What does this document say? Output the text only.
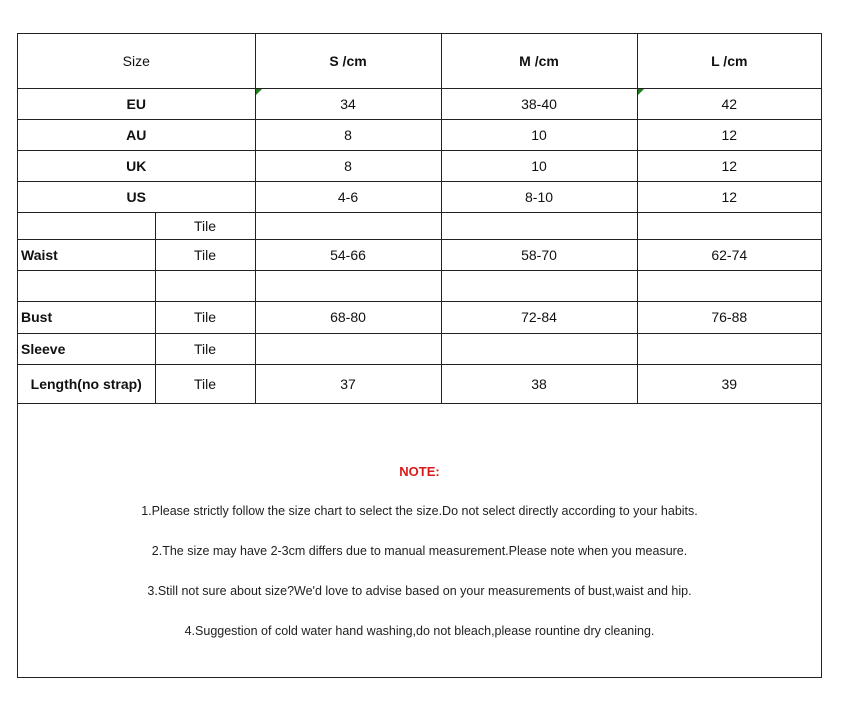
Size		S /cm	M /cm	L /cm
EU		34	38-40	42
AU		8	10	12
UK		8	10	12
US		4-6	8-10	12
	Tile			
Waist	Tile	54-66	58-70	62-74

Bust	Tile	68-80	72-84	76-88
Sleeve	Tile			
Length(no strap)	Tile	37	38	39
NOTE:
1.Please strictly follow the size chart to select the size.Do not select directly according to your habits.
2.The size may have 2-3cm differs due to manual measurement.Please note when you measure.
3.Still not sure about size?We'd love to advise based on your measurements of bust,waist and hip.
4.Suggestion of cold water hand washing,do not bleach,please rountine dry cleaning.
